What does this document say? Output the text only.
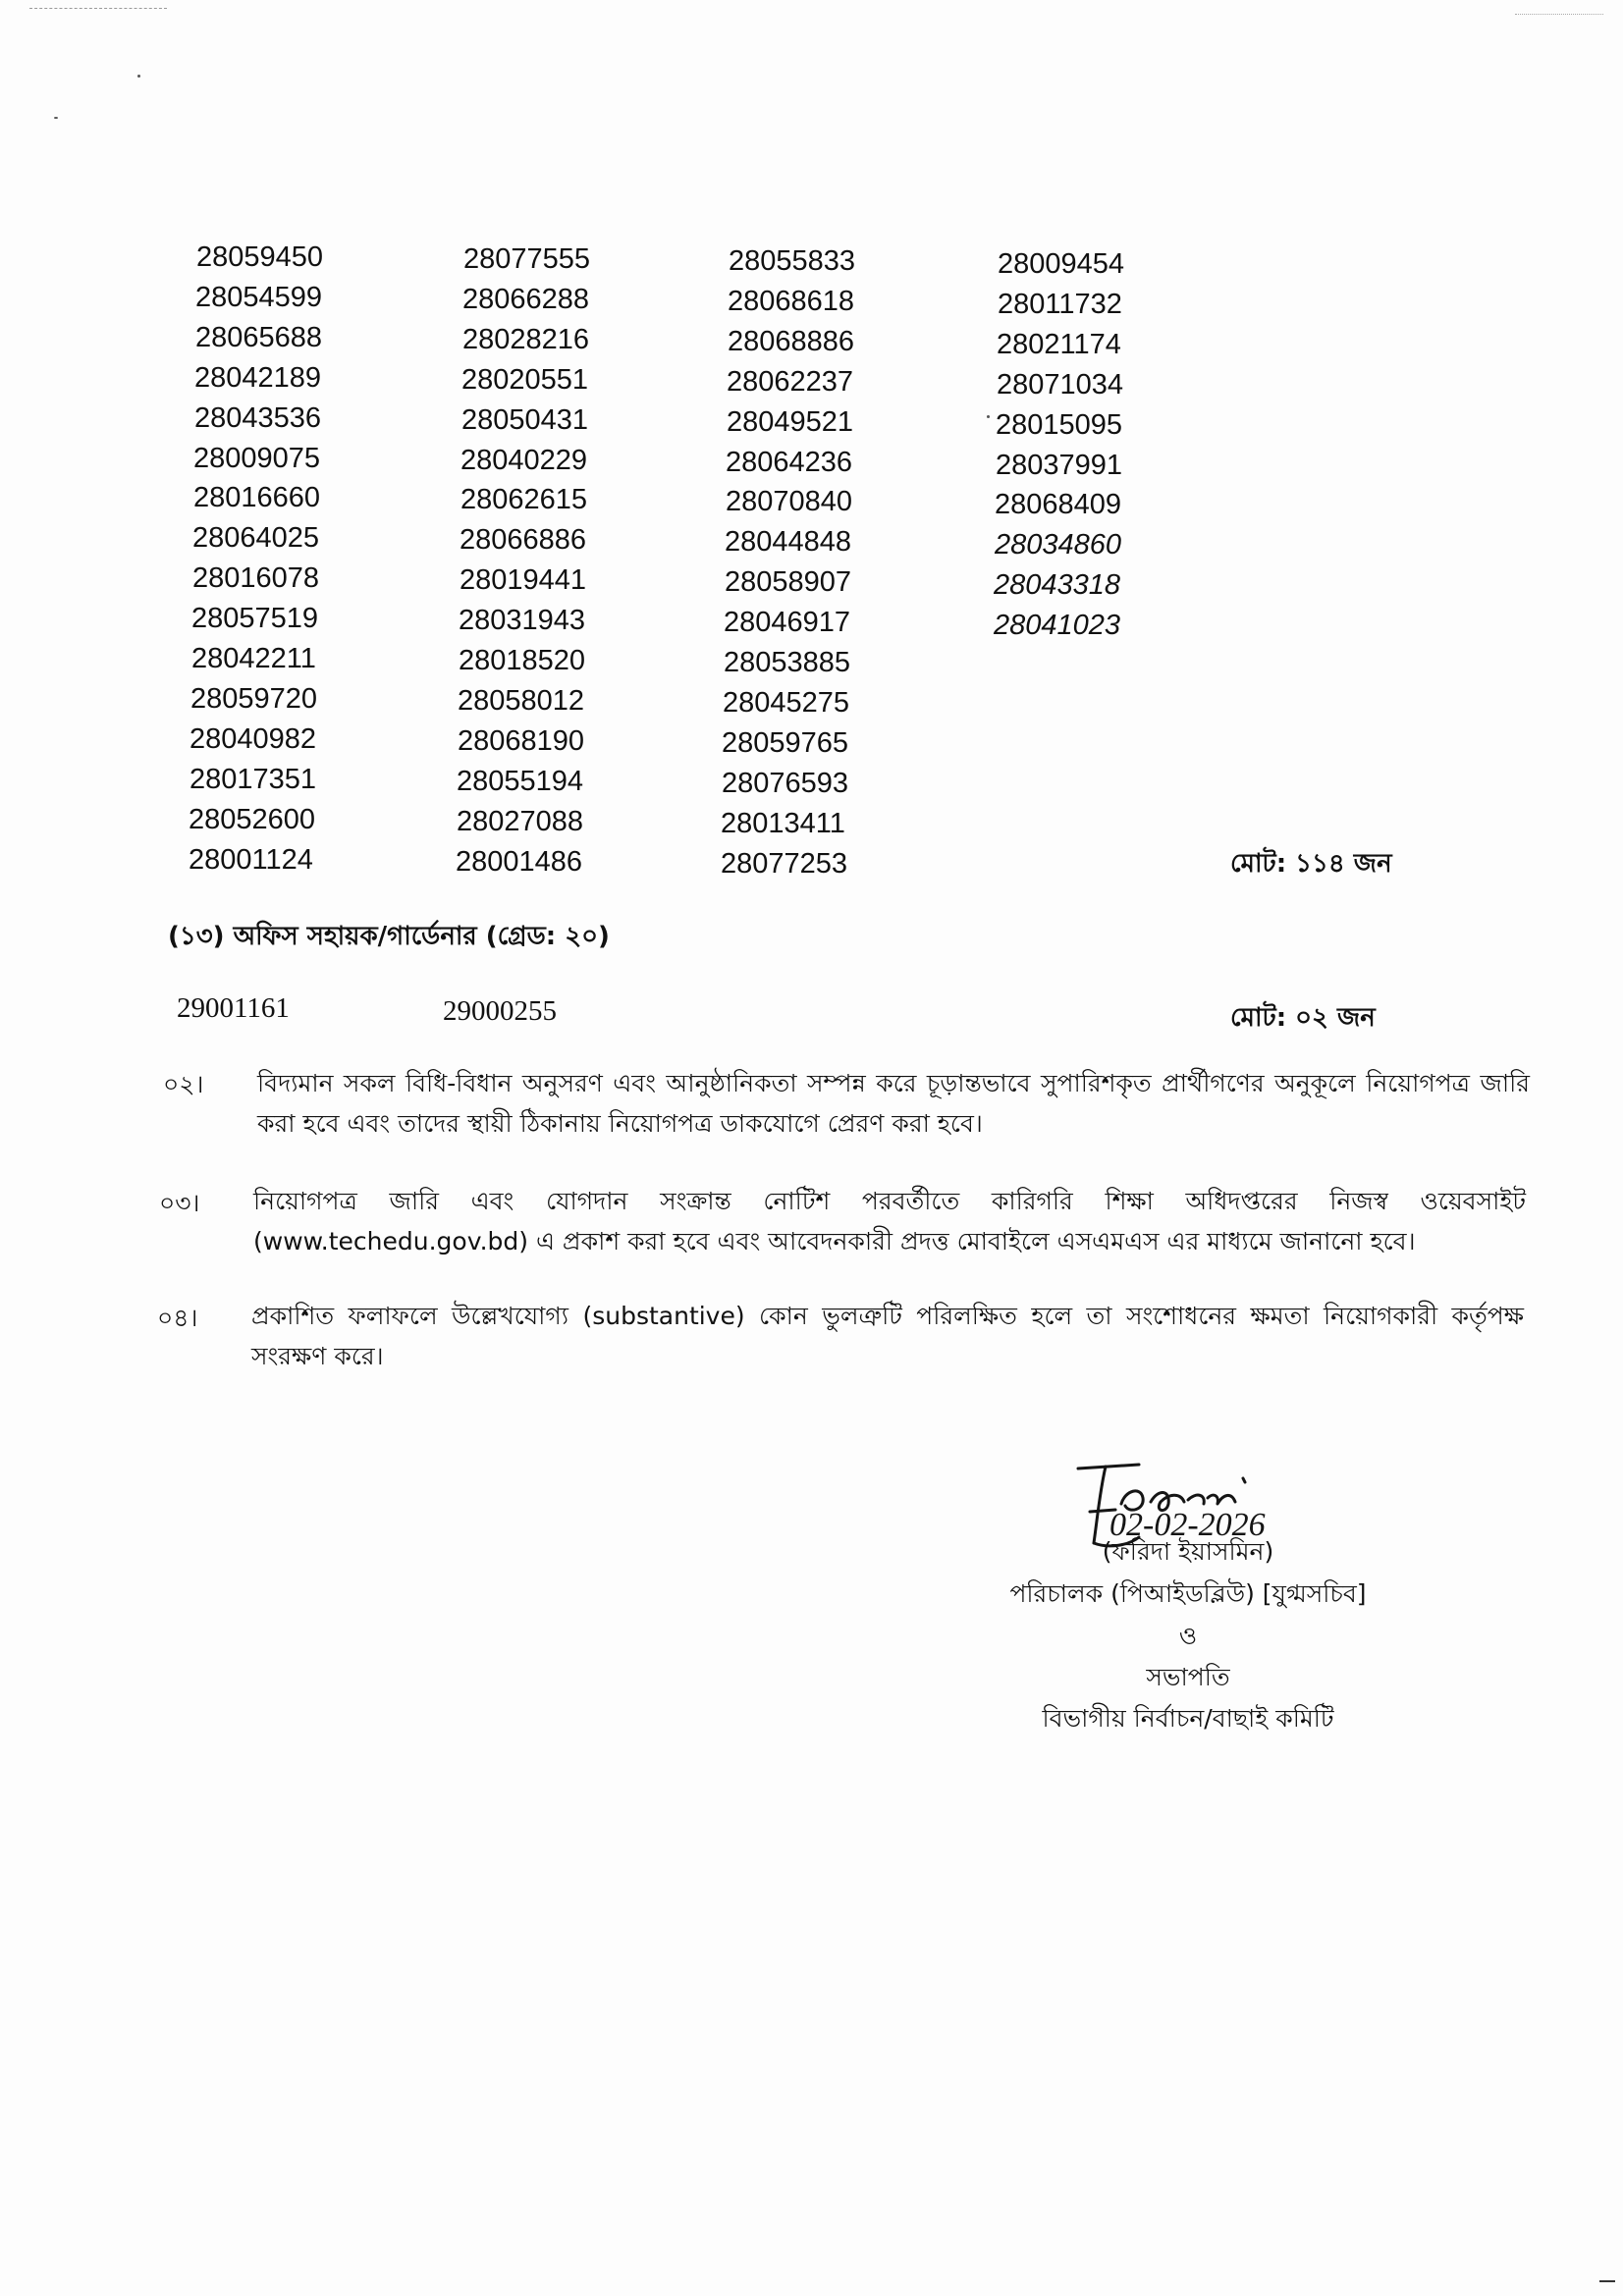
28059450
28054599
28065688
28042189
28043536
28009075
28016660
28064025
28016078
28057519
28042211
28059720
28040982
28017351
28052600
28001124
28077555
28066288
28028216
28020551
28050431
28040229
28062615
28066886
28019441
28031943
28018520
28058012
28068190
28055194
28027088
28001486
28055833
28068618
28068886
28062237
28049521
28064236
28070840
28044848
28058907
28046917
28053885
28045275
28059765
28076593
28013411
28077253
28009454
28011732
28021174
28071034
28015095
28037991
28068409
28034860
28043318
28041023
মোট: ১১৪ জন
(১৩) অফিস সহায়ক/গার্ডেনার (গ্রেড: ২০)
29001161	29000255	মোট: ০২ জন
০২। বিদ্যমান সকল বিধি-বিধান অনুসরণ এবং আনুষ্ঠানিকতা সম্পন্ন করে চূড়ান্তভাবে সুপারিশকৃত প্রার্থীগণের অনুকূলে নিয়োগপত্র জারি করা হবে এবং তাদের স্থায়ী ঠিকানায় নিয়োগপত্র ডাকযোগে প্রেরণ করা হবে।
০৩। নিয়োগপত্র জারি এবং যোগদান সংক্রান্ত নোটিশ পরবর্তীতে কারিগরি শিক্ষা অধিদপ্তরের নিজস্ব ওয়েবসাইট (www.techedu.gov.bd) এ প্রকাশ করা হবে এবং আবেদনকারী প্রদত্ত মোবাইলে এসএমএস এর মাধ্যমে জানানো হবে।
০৪। প্রকাশিত ফলাফলে উল্লেখযোগ্য (substantive) কোন ভুলত্রুটি পরিলক্ষিত হলে তা সংশোধনের ক্ষমতা নিয়োগকারী কর্তৃপক্ষ সংরক্ষণ করে।
02-02-2026
(ফরিদা ইয়াসমিন)
পরিচালক (পিআইডব্লিউ) [যুগ্মসচিব]
ও
সভাপতি
বিভাগীয় নির্বাচন/বাছাই কমিটি
